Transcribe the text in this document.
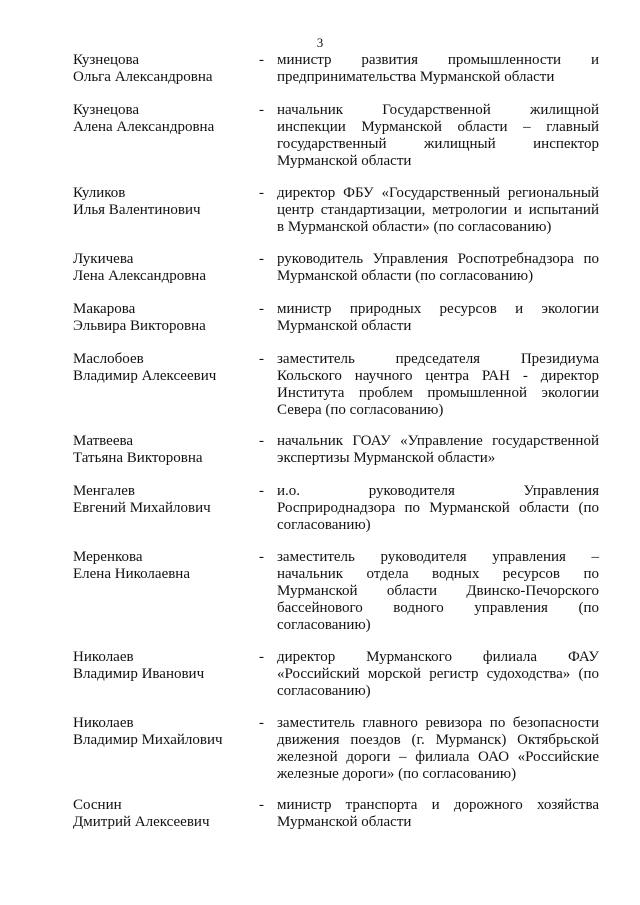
3
Кузнецова
Ольга Александровна
- министр развития промышленности и
предпринимательства Мурманской области
Кузнецова
Алена Александровна
- начальник Государственной жилищной
инспекции Мурманской области – главный
государственный жилищный инспектор
Мурманской области
Куликов
Илья Валентинович
- директор ФБУ «Государственный региональный
центр стандартизации, метрологии и испытаний
в Мурманской области» (по согласованию)
Лукичева
Лена Александровна
- руководитель Управления Роспотребнадзора по
Мурманской области (по согласованию)
Макарова
Эльвира Викторовна
- министр природных ресурсов и экологии
Мурманской области
Маслобоев
Владимир Алексеевич
- заместитель председателя Президиума
Кольского научного центра РАН - директор
Института проблем промышленной экологии
Севера (по согласованию)
Матвеева
Татьяна Викторовна
- начальник ГОАУ «Управление государственной
экспертизы Мурманской области»
Менгалев
Евгений Михайлович
- и.о. руководителя Управления
Росприроднадзора по Мурманской области (по
согласованию)
Меренкова
Елена Николаевна
- заместитель руководителя управления –
начальник отдела водных ресурсов по
Мурманской области Двинско-Печорского
бассейнового водного управления (по
согласованию)
Николаев
Владимир Иванович
- директор Мурманского филиала ФАУ
«Российский морской регистр судоходства» (по
согласованию)
Николаев
Владимир Михайлович
- заместитель главного ревизора по безопасности
движения поездов (г. Мурманск) Октябрьской
железной дороги – филиала ОАО «Российские
железные дороги» (по согласованию)
Соснин
Дмитрий Алексеевич
- министр транспорта и дорожного хозяйства
Мурманской области
